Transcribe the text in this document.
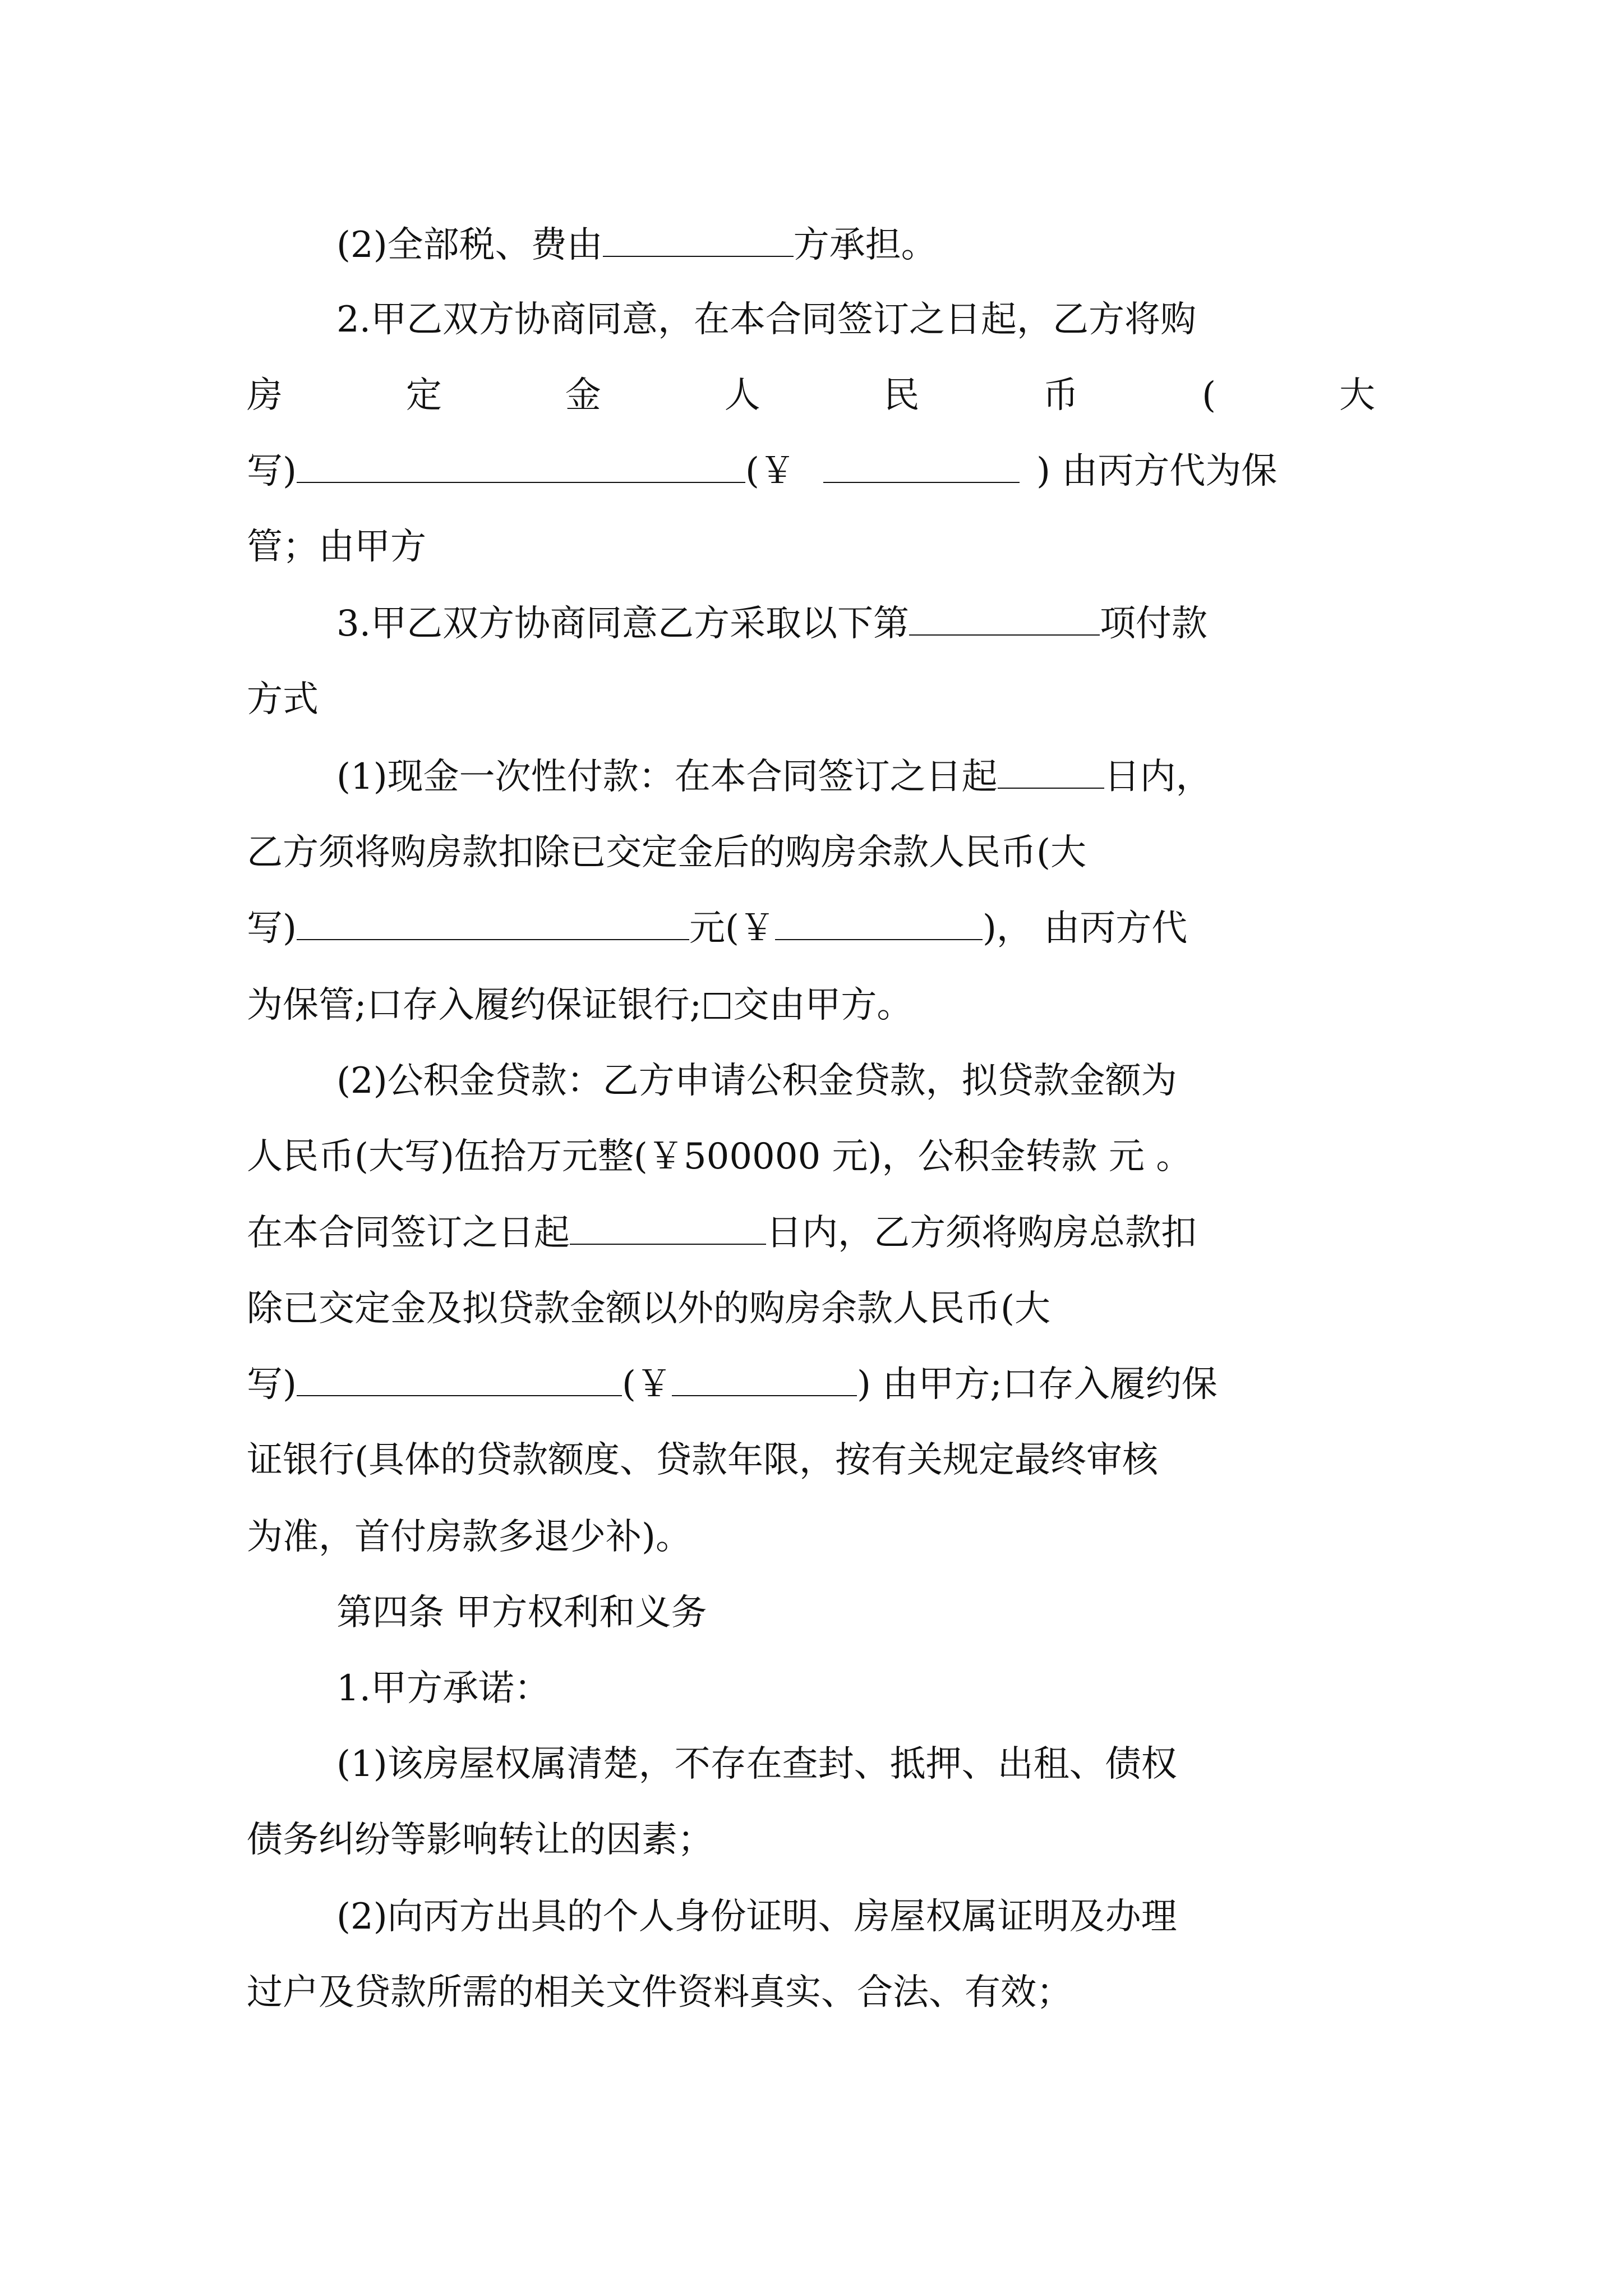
(2)全部税、费由	方承担。
2.甲乙双方协商同意，在本合同签订之日起，乙方将购
房	定	金	人	民	币	(	大
写)	(￥	) 由丙方代为保
管；由甲方
3.甲乙双方协商同意乙方采取以下第	项付款
方式
(1)现金一次性付款：在本合同签订之日起	日内，
乙方须将购房款扣除已交定金后的购房余款人民币(大
写)	元(￥	)， 由丙方代
为保管;口存入履约保证银行; 交由甲方。
(2)公积金贷款：乙方申请公积金贷款，拟贷款金额为
人民币(大写)伍拾万元整(￥500000 元)，公积金转款 元 。
在本合同签订之日起	日内，乙方须将购房总款扣
除已交定金及拟贷款金额以外的购房余款人民币(大
写)	(￥	) 由甲方;口存入履约保
证银行(具体的贷款额度、贷款年限，按有关规定最终审核
为准，首付房款多退少补)。
第四条 甲方权利和义务
1.甲方承诺：
(1)该房屋权属清楚，不存在查封、抵押、出租、债权
债务纠纷等影响转让的因素；
(2)向丙方出具的个人身份证明、房屋权属证明及办理
过户及贷款所需的相关文件资料真实、合法、有效；
